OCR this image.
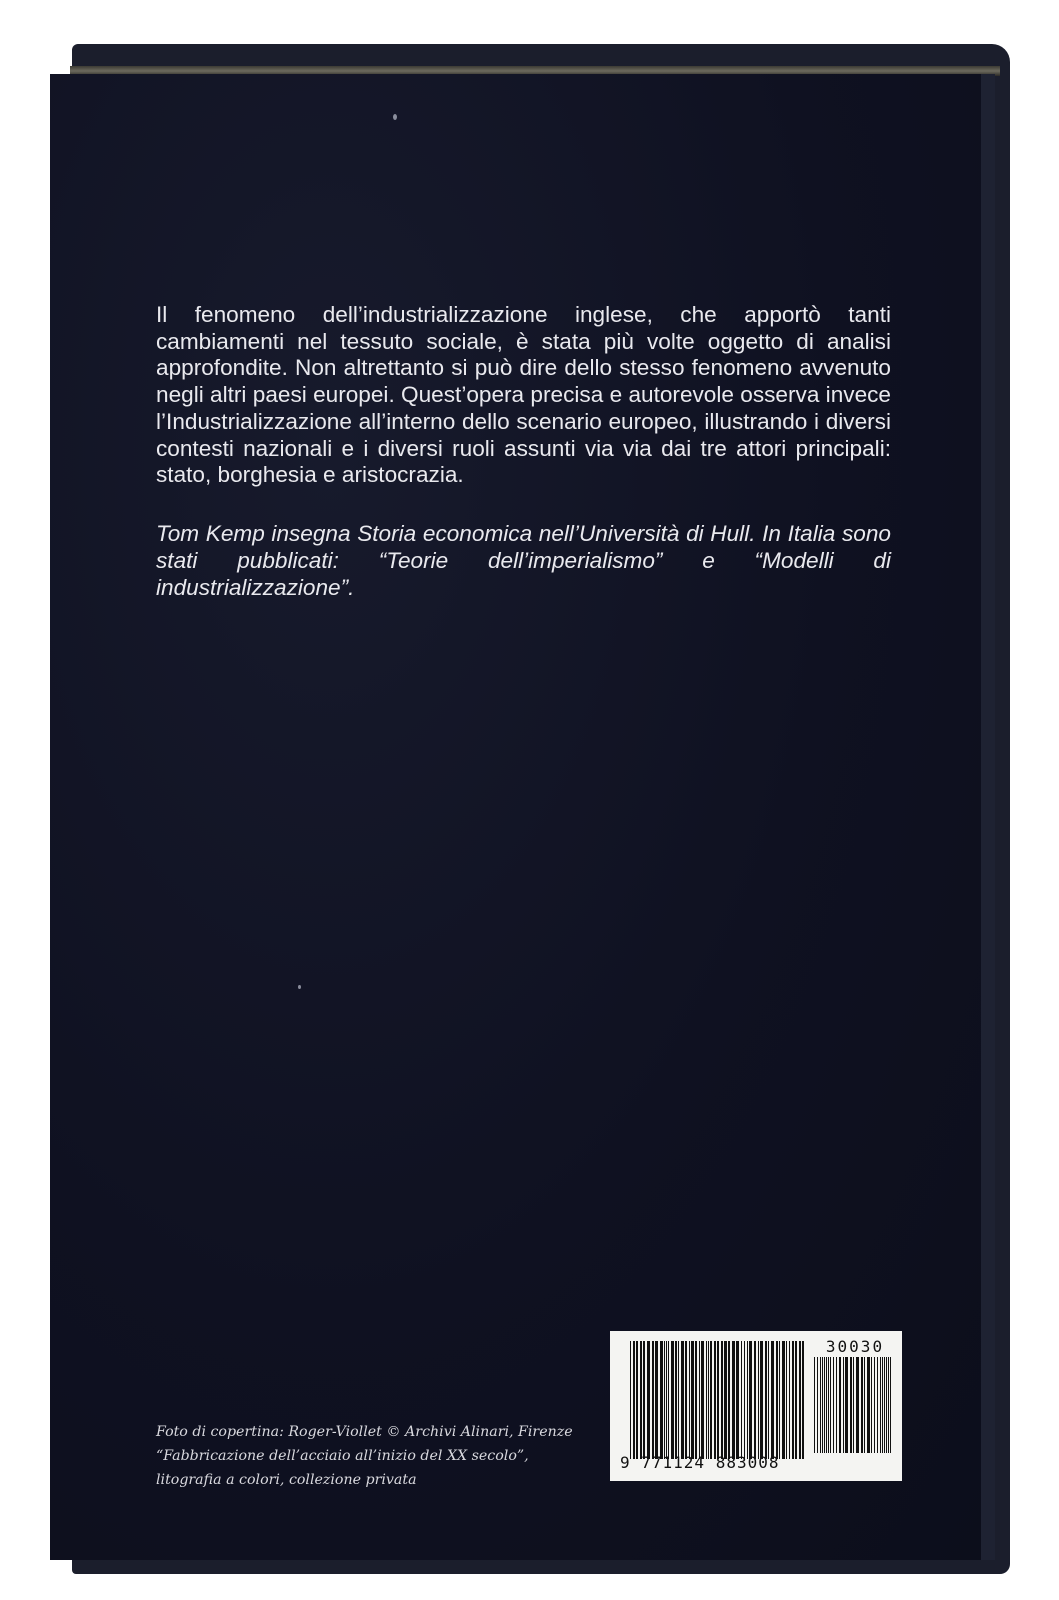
Il fenomeno dell’industrializzazione inglese, che apportò tanti cambiamenti nel tessuto sociale, è stata più volte oggetto di analisi approfondite. Non altrettanto si può dire dello stesso fenomeno avvenuto negli altri paesi europei. Quest’opera precisa e autorevole osserva invece l’Industrializzazione all’interno dello scenario europeo, illustrando i diversi contesti nazionali e i diversi ruoli assunti via via dai tre attori principali: stato, borghesia e aristocrazia.

Tom Kemp insegna Storia economica nell’Università di Hull. In Italia sono stati pubblicati: “Teorie dell’imperialismo” e “Modelli di industrializzazione”.

Foto di copertina: Roger-Viollet © Archivi Alinari, Firenze
“Fabbricazione dell’acciaio all’inizio del XX secolo”,
litografia a colori, collezione privata
30030
9 771124 883008
